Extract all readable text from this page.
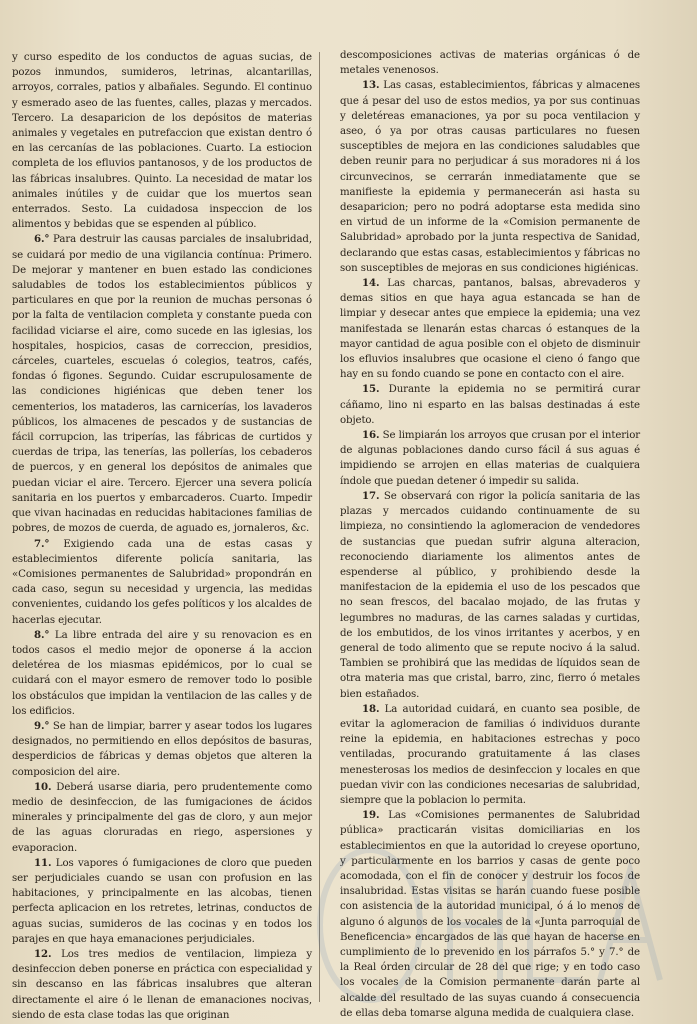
y curso espedito de los conductos de aguas sucias, de pozos inmundos, sumideros, letrinas, alcantarillas, arroyos, corrales, patios y albañales. Segundo. El continuo y esmerado aseo de las fuentes, calles, plazas y mercados. Tercero. La desaparicion de los depósitos de materias animales y vegetales en putrefaccion que existan dentro ó en las cercanías de las poblaciones. Cuarto. La estiocion completa de los efluvios pantanosos, y de los productos de las fábricas insalubres. Quinto. La necesidad de matar los animales inútiles y de cuidar que los muertos sean enterrados. Sesto. La cuidadosa inspeccion de los alimentos y bebidas que se espenden al público.

6.° Para destruir las causas parciales de insalubridad, se cuidará por medio de una vigilancia contínua: Primero. De mejorar y mantener en buen estado las condiciones saludables de todos los establecimientos públicos y particulares en que por la reunion de muchas personas ó por la falta de ventilacion completa y constante pueda con facilidad viciarse el aire, como sucede en las iglesias, los hospitales, hospicios, casas de correccion, presidios, cárceles, cuarteles, escuelas ó colegios, teatros, cafés, fondas ó figones. Segundo. Cuidar escrupulosamente de las condiciones higiénicas que deben tener los cementerios, los mataderos, las carnicerías, los lavaderos públicos, los almacenes de pescados y de sustancias de fácil corrupcion, las triperías, las fábricas de curtidos y cuerdas de tripa, las tenerías, las pollerías, los cebaderos de puercos, y en general los depósitos de animales que puedan viciar el aire. Tercero. Ejercer una severa policía sanitaria en los puertos y embarcaderos. Cuarto. Impedir que vivan hacinadas en reducidas habitaciones familias de pobres, de mozos de cuerda, de aguado es, jornaleros, &c.

7.° Exigiendo cada una de estas casas y establecimientos diferente policía sanitaria, las «Comisiones permanentes de Salubridad» propondrán en cada caso, segun su necesidad y urgencia, las medidas convenientes, cuidando los gefes políticos y los alcaldes de hacerlas ejecutar.

8.° La libre entrada del aire y su renovacion es en todos casos el medio mejor de oponerse á la accion deletérea de los miasmas epidémicos, por lo cual se cuidará con el mayor esmero de remover todo lo posible los obstáculos que impidan la ventilacion de las calles y de los edificios.

9.° Se han de limpiar, barrer y asear todos los lugares designados, no permitiendo en ellos depósitos de basuras, desperdicios de fábricas y demas objetos que alteren la composicion del aire.

10. Deberá usarse diaria, pero prudentemente como medio de desinfeccion, de las fumigaciones de ácidos minerales y principalmente del gas de cloro, y aun mejor de las aguas cloruradas en riego, aspersiones y evaporacion.

11. Los vapores ó fumigaciones de cloro que pueden ser perjudiciales cuando se usan con profusion en las habitaciones, y principalmente en las alcobas, tienen perfecta aplicacion en los retretes, letrinas, conductos de aguas sucias, sumideros de las cocinas y en todos los parajes en que haya emanaciones perjudiciales.

12. Los tres medios de ventilacion, limpieza y desinfeccion deben ponerse en práctica con especialidad y sin descanso en las fábricas insalubres que alteran directamente el aire ó le llenan de emanaciones nocivas, siendo de esta clase todas las que originan

descomposiciones activas de materias orgánicas ó de metales venenosos.

13. Las casas, establecimientos, fábricas y almacenes que á pesar del uso de estos medios, ya por sus continuas y deletéreas emanaciones, ya por su poca ventilacion y aseo, ó ya por otras causas particulares no fuesen susceptibles de mejora en las condiciones saludables que deben reunir para no perjudicar á sus moradores ni á los circunvecinos, se cerrarán inmediatamente que se manifieste la epidemia y permanecerán asi hasta su desaparicion; pero no podrá adoptarse esta medida sino en virtud de un informe de la «Comision permanente de Salubridad» aprobado por la junta respectiva de Sanidad, declarando que estas casas, establecimientos y fábricas no son susceptibles de mejoras en sus condiciones higiénicas.

14. Las charcas, pantanos, balsas, abrevaderos y demas sitios en que haya agua estancada se han de limpiar y desecar antes que empiece la epidemia; una vez manifestada se llenarán estas charcas ó estanques de la mayor cantidad de agua posible con el objeto de disminuir los efluvios insalubres que ocasione el cieno ó fango que hay en su fondo cuando se pone en contacto con el aire.

15. Durante la epidemia no se permitirá curar cáñamo, lino ni esparto en las balsas destinadas á este objeto.

16. Se limpiarán los arroyos que crusan por el interior de algunas poblaciones dando curso fácil á sus aguas é impidiendo se arrojen en ellas materias de cualquiera índole que puedan detener ó impedir su salida.

17. Se observará con rigor la policía sanitaria de las plazas y mercados cuidando continuamente de su limpieza, no consintiendo la aglomeracion de vendedores de sustancias que puedan sufrir alguna alteracion, reconociendo diariamente los alimentos antes de espenderse al público, y prohibiendo desde la manifestacion de la epidemia el uso de los pescados que no sean frescos, del bacalao mojado, de las frutas y legumbres no maduras, de las carnes saladas y curtidas, de los embutidos, de los vinos irritantes y acerbos, y en general de todo alimento que se repute nocivo á la salud. Tambien se prohibirá que las medidas de líquidos sean de otra materia mas que cristal, barro, zinc, fierro ó metales bien estañados.

18. La autoridad cuidará, en cuanto sea posible, de evitar la aglomeracion de familias ó individuos durante reine la epidemia, en habitaciones estrechas y poco ventiladas, procurando gratuitamente á las clases menesterosas los medios de desinfeccion y locales en que puedan vivir con las condiciones necesarias de salubridad, siempre que la poblacion lo permita.

19. Las «Comisiones permanentes de Salubridad pública» practicarán visitas domiciliarias en los establecimientos en que la autoridad lo creyese oportuno, y particularmente en los barrios y casas de gente poco acomodada, con el fin de conocer y destruir los focos de insalubridad. Estas visitas se harán cuando fuese posible con asistencia de la autoridad municipal, ó á lo menos de alguno ó algunos de los vocales de la «Junta parroquial de Beneficencia» encargados de las que hayan de hacerse en cumplimiento de lo prevenido en los párrafos 5.° y 7.° de la Real órden circular de 28 del que rige; y en todo caso los vocales de la Comision permanente darán parte al alcalde del resultado de las suyas cuando á consecuencia de ellas deba tomarse alguna medida de cualquiera clase.
